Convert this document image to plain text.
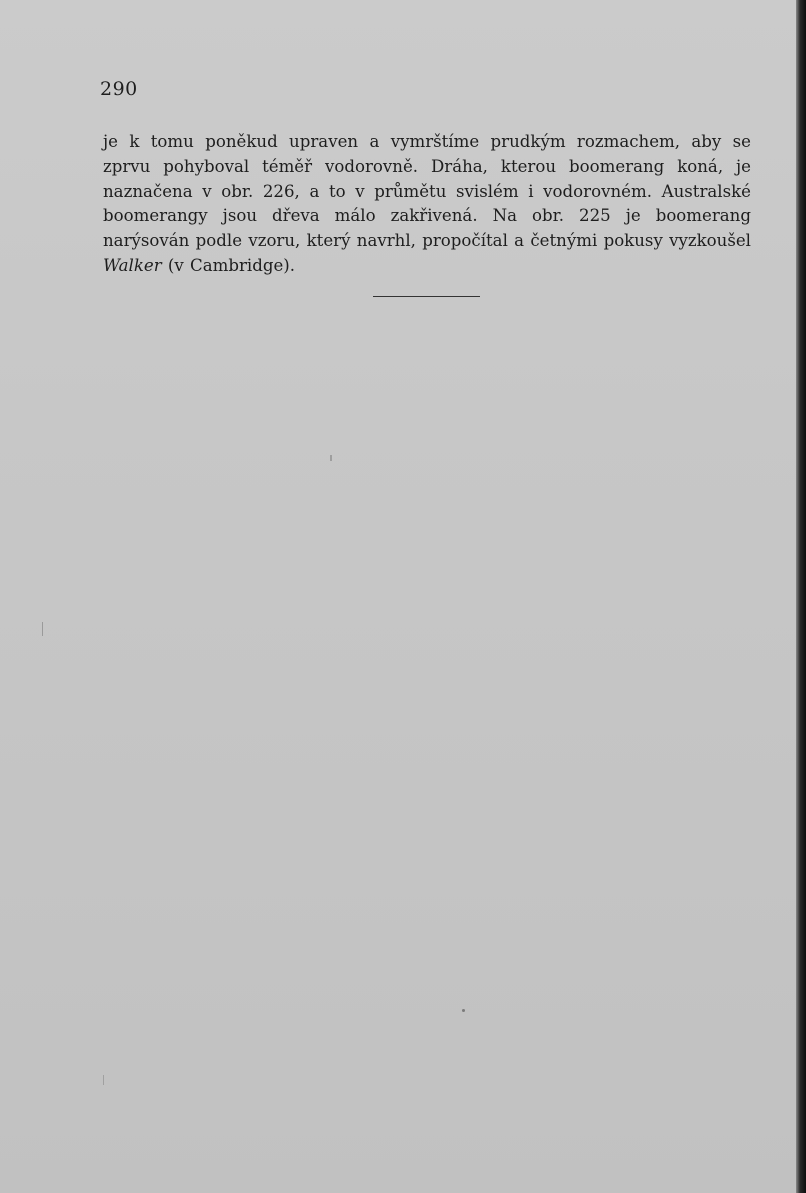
290

je k tomu poněkud upraven a vymrštíme prudkým rozmachem, aby se zprvu pohyboval téměř vodorovně. Dráha, kterou boomerang koná, je naznačena v obr. 226, a to v průmětu svislém i vodorovném. Australské boomerangy jsou dřeva málo zakřivená. Na obr. 225 je boomerang narýsován podle vzoru, který navrhl, propočítal a četnými pokusy vyzkoušel Walker (v Cambridge).
